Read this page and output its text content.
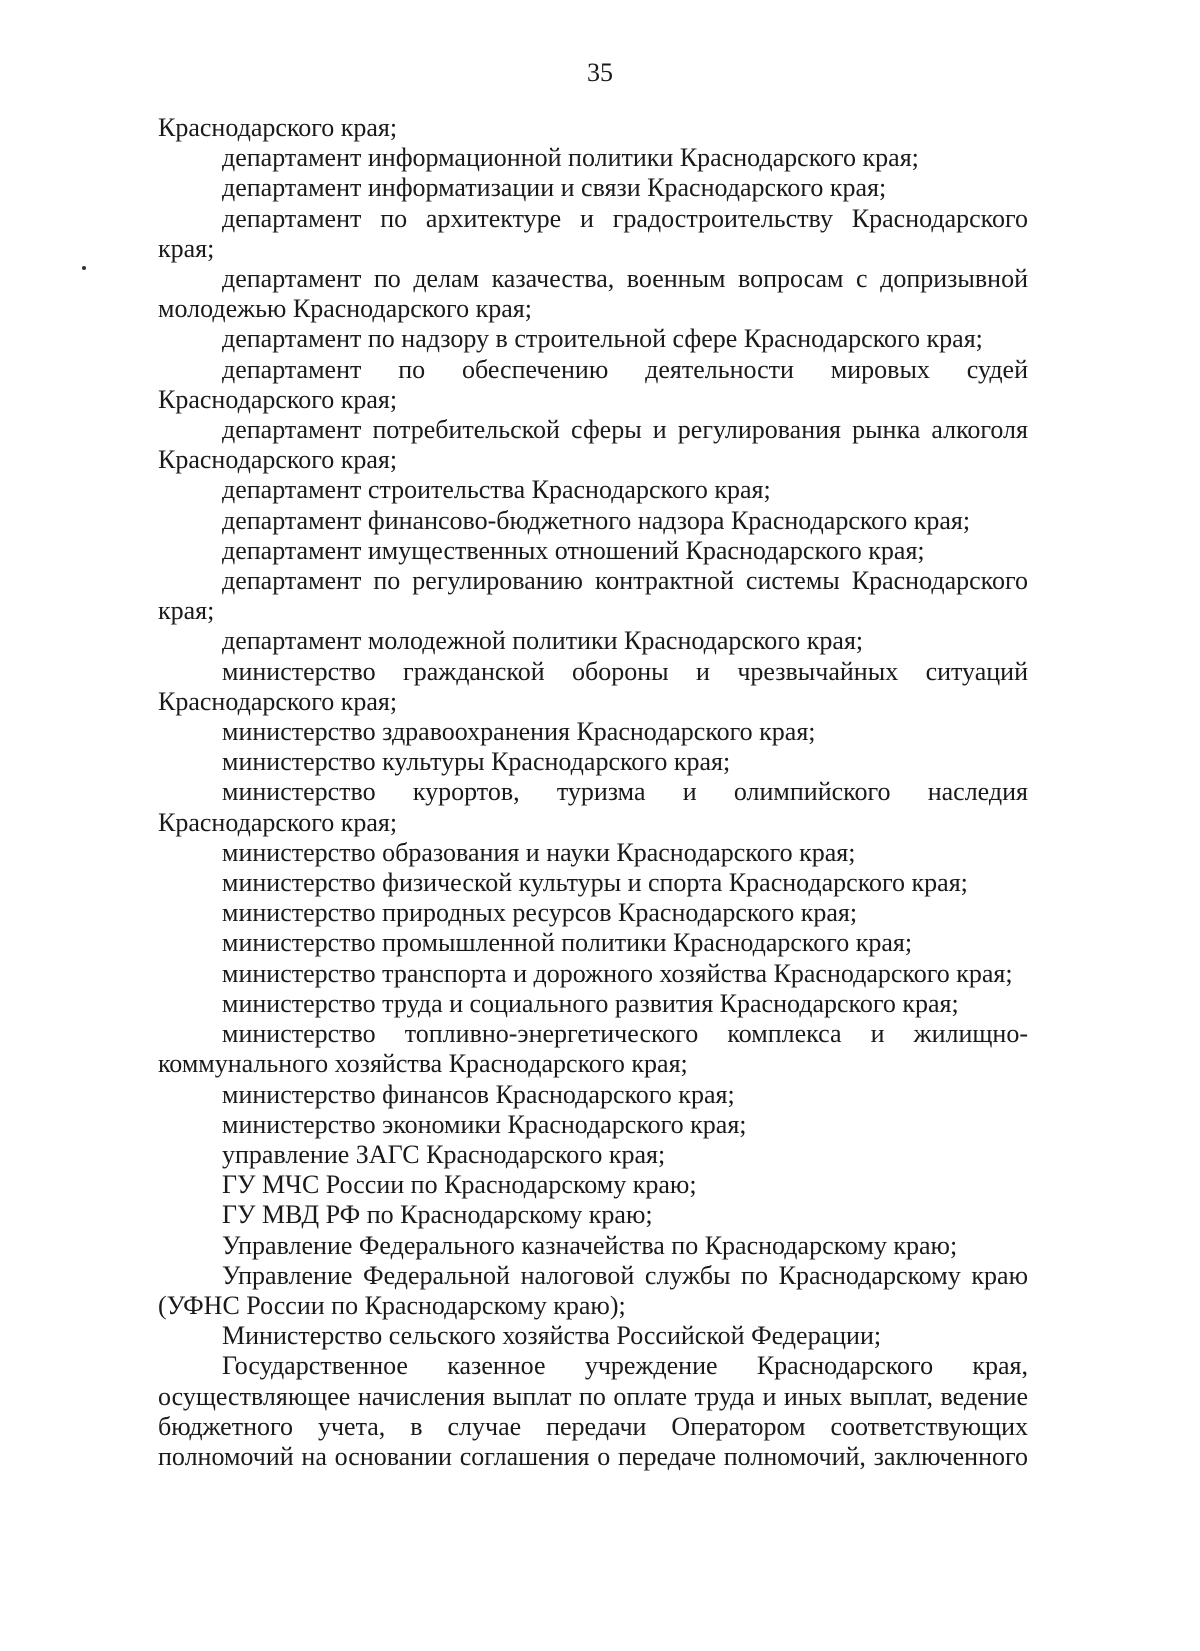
35

Краснодарского края;

департамент информационной политики Краснодарского края;

департамент информатизации и связи Краснодарского края;

департамент по архитектуре и градостроительству Краснодарского края;

департамент по делам казачества, военным вопросам с допризывной молодежью Краснодарского края;

департамент по надзору в строительной сфере Краснодарского края;

департамент по обеспечению деятельности мировых судей Краснодарского края;

департамент потребительской сферы и регулирования рынка алкоголя Краснодарского края;

департамент строительства Краснодарского края;

департамент финансово-бюджетного надзора Краснодарского края;

департамент имущественных отношений Краснодарского края;

департамент по регулированию контрактной системы Краснодарского края;

департамент молодежной политики Краснодарского края;

министерство гражданской обороны и чрезвычайных ситуаций Краснодарского края;

министерство здравоохранения Краснодарского края;

министерство культуры Краснодарского края;

министерство курортов, туризма и олимпийского наследия Краснодарского края;

министерство образования и науки Краснодарского края;

министерство физической культуры и спорта Краснодарского края;

министерство природных ресурсов Краснодарского края;

министерство промышленной политики Краснодарского края;

министерство транспорта и дорожного хозяйства Краснодарского края;

министерство труда и социального развития Краснодарского края;

министерство топливно-энергетического комплекса и жилищно-коммунального хозяйства Краснодарского края;

министерство финансов Краснодарского края;

министерство экономики Краснодарского края;

управление ЗАГС Краснодарского края;

ГУ МЧС России по Краснодарскому краю;

ГУ МВД РФ по Краснодарскому краю;

Управление Федерального казначейства по Краснодарскому краю;

Управление Федеральной налоговой службы по Краснодарскому краю (УФНС России по Краснодарскому краю);

Министерство сельского хозяйства Российской Федерации;

Государственное казенное учреждение Краснодарского края, осуществляющее начисления выплат по оплате труда и иных выплат, ведение бюджетного учета, в случае передачи Оператором соответствующих полномочий на основании соглашения о передаче полномочий, заключенного
